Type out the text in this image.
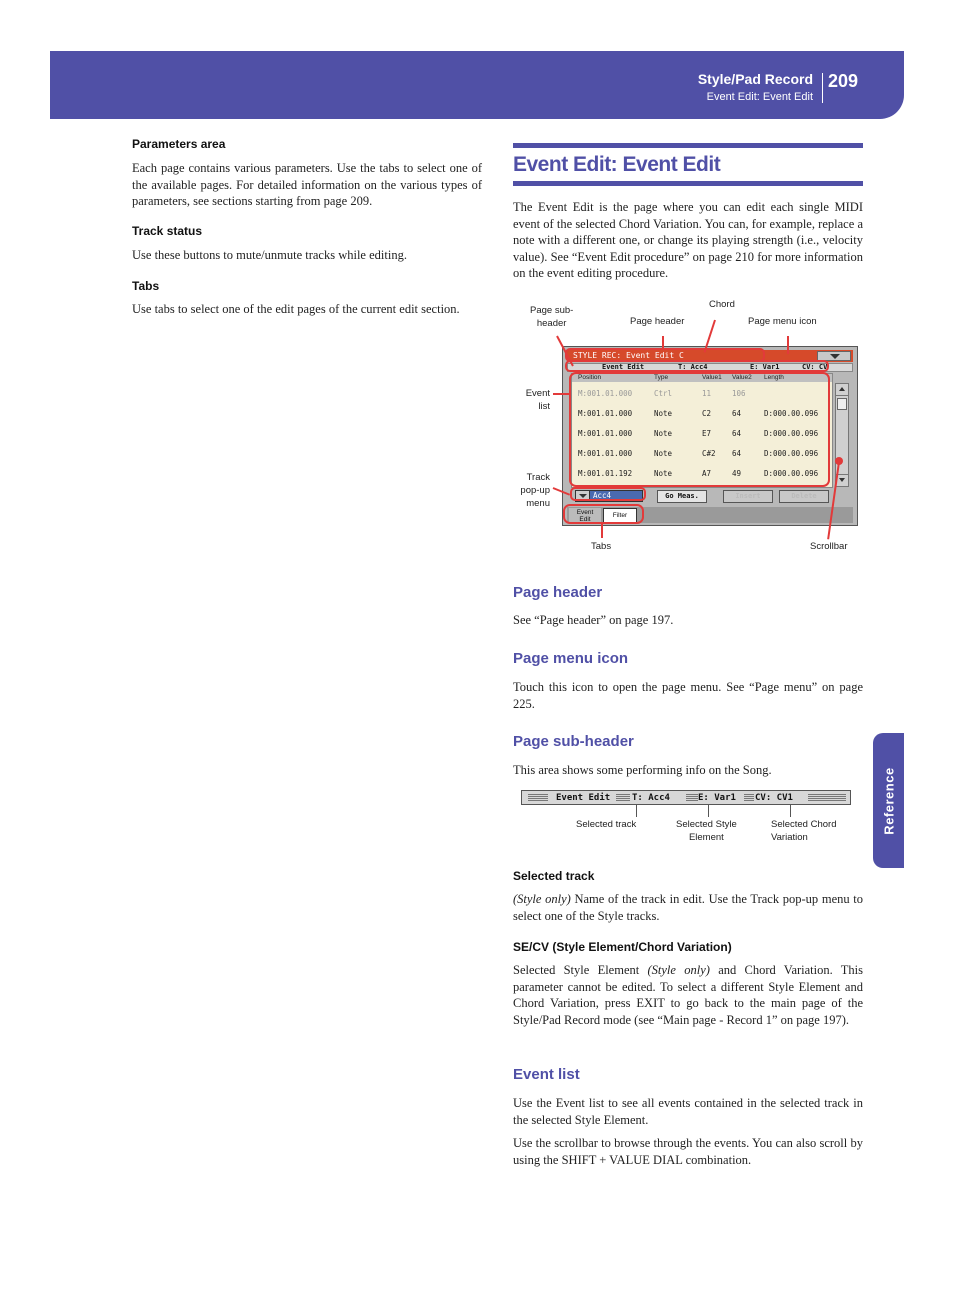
Style/Pad Record
Event Edit: Event Edit
209
Reference
Parameters area
Each page contains various parameters. Use the tabs to select one of the available pages. For detailed information on the various types of parameters, see sections starting from page 209.
Track status
Use these buttons to mute/unmute tracks while editing.
Tabs
Use tabs to select one of the edit pages of the current edit section.
Event Edit: Event Edit
The Event Edit is the page where you can edit each single MIDI event of the selected Chord Variation. You can, for example, replace a note with a different one, or change its playing strength (i.e., velocity value). See “Event Edit procedure” on page 210 for more information on the event editing procedure.
Page sub-
header	Page header
Chord
Page menu icon
Event
list
Track
pop-up
menu
Tabs	Scrollbar
STYLE REC: Event Edit C
Event Edit	T: Acc4	E: Var1	CV: CV
Position	Type	Value1 Value2 Length
M:001.01.000	Ctrl	11	106
M:001.01.000	Note	C2	64	D:000.00.096
M:001.01.000	Note	E7	64	D:000.00.096
M:001.01.000	Note	C#2 64	D:000.00.096
M:001.01.192	Note	A7	49	D:000.00.096
Acc4	Go Meas.	Insert	Delete
Event
Edit
Filter
Page header
See “Page header” on page 197.
Page menu icon
Touch this icon to open the page menu. See “Page menu” on page 225.
Page sub-header
This area shows some performing info on the Song.
Event Edit T: Acc4	E: Var1 CV: CV1
Selected track	Selected Style
Element
Selected Chord
Variation
Selected track
(Style only) Name of the track in edit. Use the Track pop-up menu to select one of the Style tracks.
SE/CV (Style Element/Chord Variation)
Selected Style Element (Style only) and Chord Variation. This parameter cannot be edited. To select a different Style Element and Chord Variation, press EXIT to go back to the main page of the Style/Pad Record mode (see “Main page - Record 1” on page 197).
Event list
Use the Event list to see all events contained in the selected track in the selected Style Element.
Use the scrollbar to browse through the events. You can also scroll by using the SHIFT + VALUE DIAL combination.
